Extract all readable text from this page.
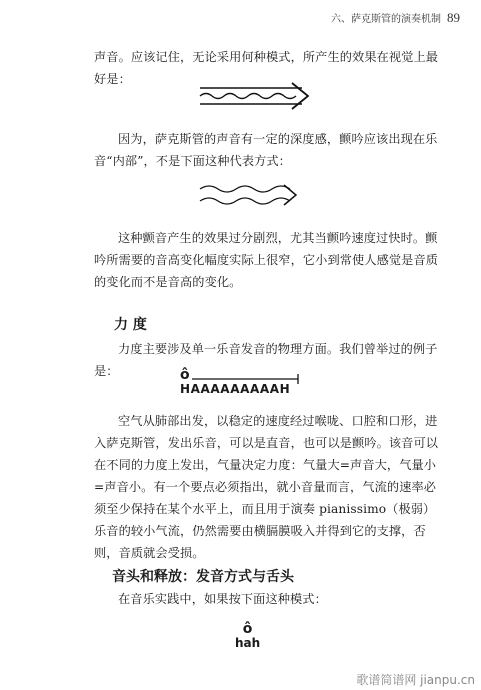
六、萨克斯管的演奏机制 89

声音。应该记住，无论采用何种模式，所产生的效果在视觉上最好是：

因为，萨克斯管的声音有一定的深度感，颤吟应该出现在乐音“内部”，不是下面这种代表方式：

这种颤音产生的效果过分剧烈，尤其当颤吟速度过快时。颤吟所需要的音高变化幅度实际上很窄，它小到常使人感觉是音质的变化而不是音高的变化。

力 度

力度主要涉及单一乐音发音的物理方面。我们曾举过的例子是：	ô
HAAAAAAAAAH

空气从肺部出发，以稳定的速度经过喉咙、口腔和口形，进入萨克斯管，发出乐音，可以是直音，也可以是颤吟。该音可以在不同的力度上发出，气量决定力度：气量大=声音大，气量小=声音小。有一个要点必须指出，就小音量而言，气流的速率必须至少保持在某个水平上，而且用于演奏 pianissimo（极弱）乐音的较小气流，仍然需要由横膈膜吸入并得到它的支撑，否则，音质就会受损。

音头和释放：发音方式与舌头

在音乐实践中，如果按下面这种模式：

ô
hah
歌谱简谱网 jianpu.cn
